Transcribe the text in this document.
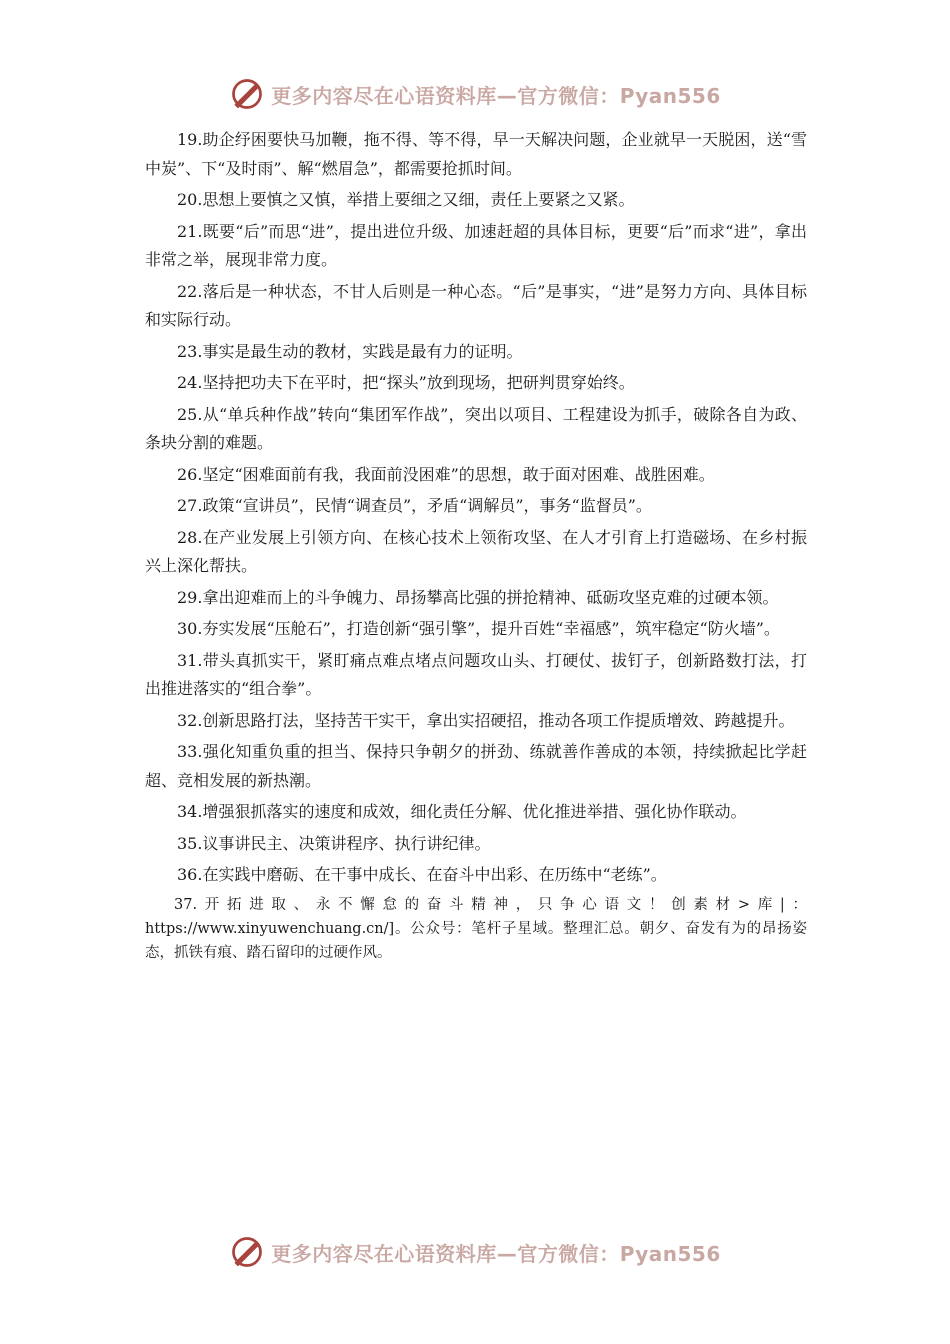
更多内容尽在心语资料库—官方微信：Pyan556

19.助企纾困要快马加鞭，拖不得、等不得，早一天解决问题，企业就早一天脱困，送“雪中炭”、下“及时雨”、解“燃眉急”，都需要抢抓时间。

20.思想上要慎之又慎，举措上要细之又细，责任上要紧之又紧。

21.既要“后”而思“进”，提出进位升级、加速赶超的具体目标，更要“后”而求“进”，拿出非常之举，展现非常力度。

22.落后是一种状态，不甘人后则是一种心态。“后”是事实，“进”是努力方向、具体目标和实际行动。

23.事实是最生动的教材，实践是最有力的证明。

24.坚持把功夫下在平时，把“探头”放到现场，把研判贯穿始终。

25.从“单兵种作战”转向“集团军作战”，突出以项目、工程建设为抓手，破除各自为政、条块分割的难题。

26.坚定“困难面前有我，我面前没困难”的思想，敢于面对困难、战胜困难。

27.政策“宣讲员”，民情“调查员”，矛盾“调解员”，事务“监督员”。

28.在产业发展上引领方向、在核心技术上领衔攻坚、在人才引育上打造磁场、在乡村振兴上深化帮扶。

29.拿出迎难而上的斗争魄力、昂扬攀高比强的拼抢精神、砥砺攻坚克难的过硬本领。

30.夯实发展“压舱石”，打造创新“强引擎”，提升百姓“幸福感”，筑牢稳定“防火墙”。

31.带头真抓实干，紧盯痛点难点堵点问题攻山头、打硬仗、拔钉子，创新路数打法，打出推进落实的“组合拳”。

32.创新思路打法，坚持苦干实干，拿出实招硬招，推动各项工作提质增效、跨越提升。

33.强化知重负重的担当、保持只争朝夕的拼劲、练就善作善成的本领，持续掀起比学赶超、竞相发展的新热潮。

34.增强狠抓落实的速度和成效，细化责任分解、优化推进举措、强化协作联动。

35.议事讲民主、决策讲程序、执行讲纪律。

36.在实践中磨砺、在干事中成长、在奋斗中出彩、在历练中“老练”。

37.开拓进取、永不懈怠的奋斗精神，只争心语文！创素材>库|：https://www.xinyuwenchuang.cn/]。公众号：笔杆子星域。整理汇总。朝夕、奋发有为的昂扬姿态，抓铁有痕、踏石留印的过硬作风。

更多内容尽在心语资料库—官方微信：Pyan556
